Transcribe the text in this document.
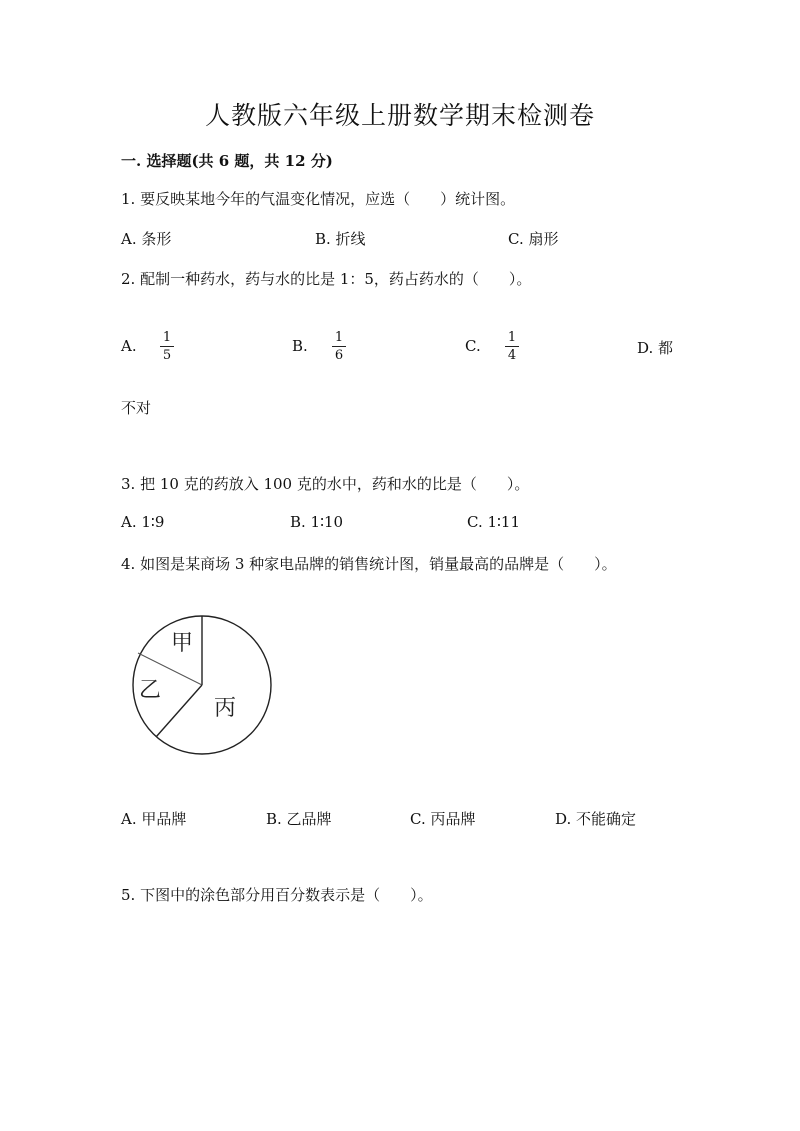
人教版六年级上册数学期末检测卷
一. 选择题(共 6 题，共 12 分)
1. 要反映某地今年的气温变化情况，应选（　　）统计图。
A. 条形	B. 折线	C. 扇形
2. 配制一种药水，药与水的比是 1：5，药占药水的（　　）。
A. 1
5
B. 1
6
C. 1
4	D. 都
不对
3. 把 10 克的药放入 100 克的水中，药和水的比是（　　）。
A. 1∶9	B. 1∶10	C. 1∶11
4. 如图是某商场 3 种家电品牌的销售统计图，销量最高的品牌是（　　）。
甲
乙
丙
A. 甲品牌	B. 乙品牌	C. 丙品牌	D. 不能确定
5. 下图中的涂色部分用百分数表示是（　　）。
